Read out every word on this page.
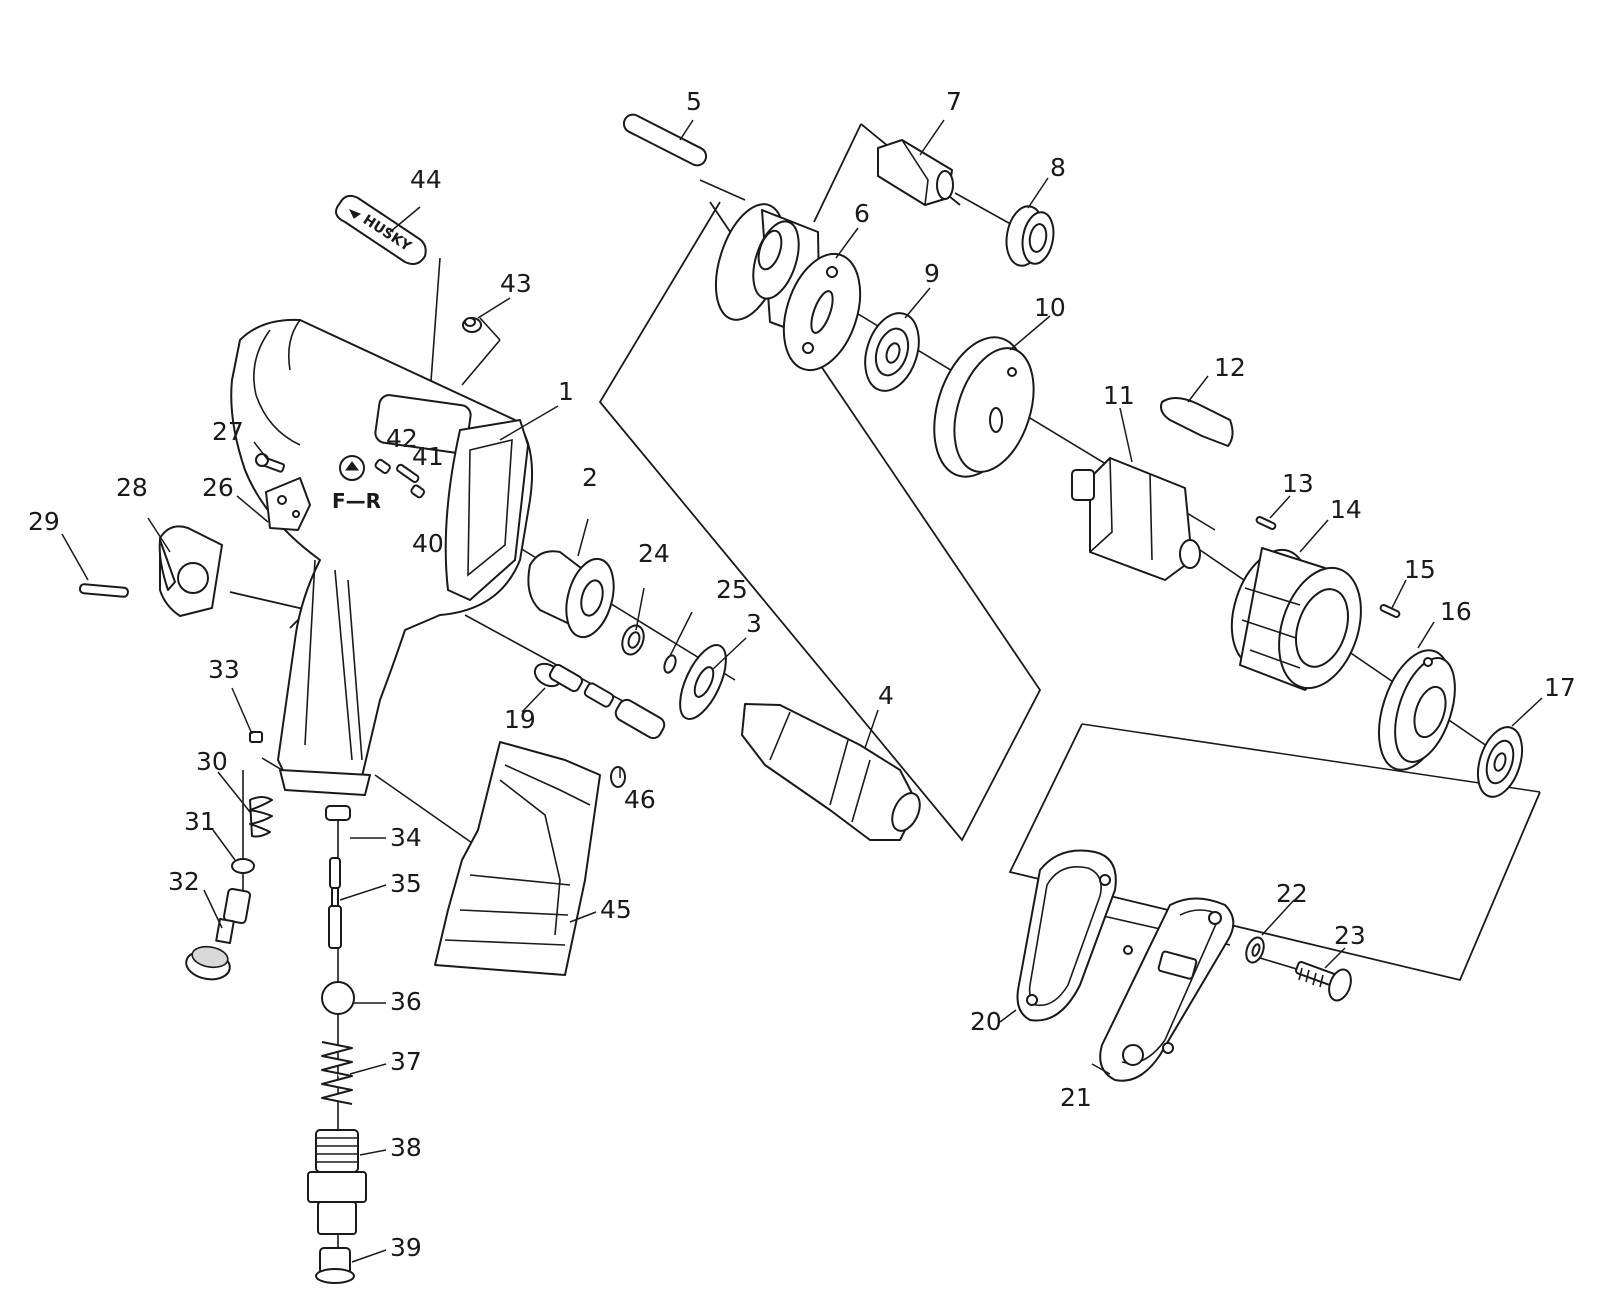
HUSKY
F—R
1
2
3
4
5
6
7
8
9
10
11
12
13
14
15
16
17
19
20
21
22
23
24
25
26
27
28
29
30
31
32
33
34
35
36
37
38
39
40
41
42
43
44
45
46
